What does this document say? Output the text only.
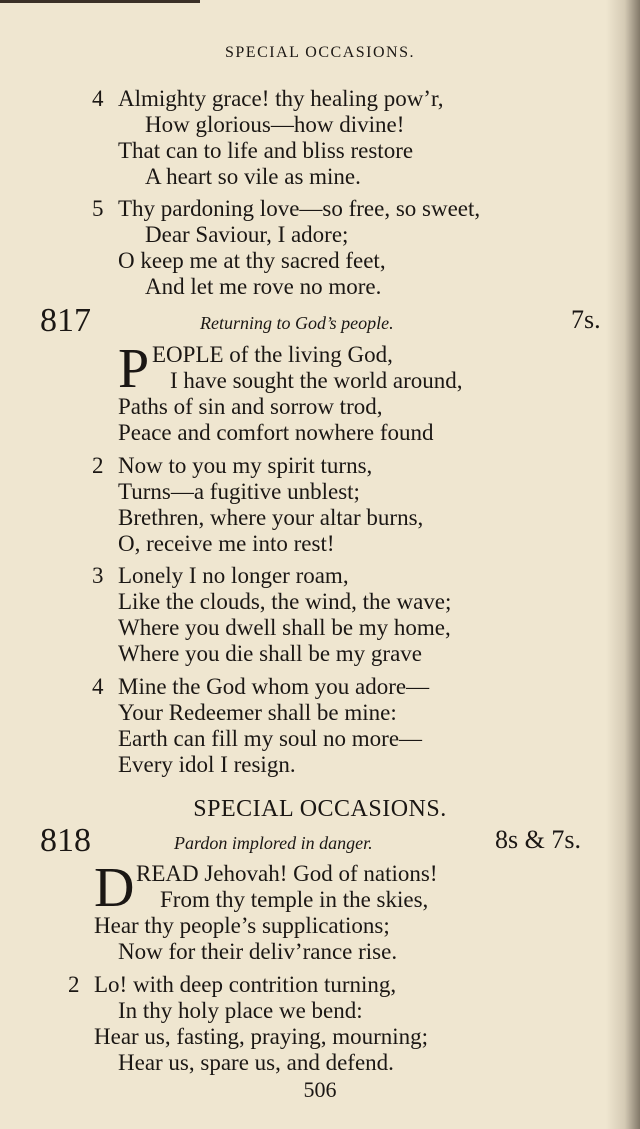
SPECIAL OCCASIONS.
4 Almighty grace! thy healing pow’r,
How glorious—how divine!
That can to life and bliss restore
A heart so vile as mine.
5 Thy pardoning love—so free, so sweet,
Dear Saviour, I adore;
O keep me at thy sacred feet,
And let me rove no more.
817	Returning to God’s people.	7s.
P EOPLE of the living God,
I have sought the world around,
Paths of sin and sorrow trod,
Peace and comfort nowhere found
2 Now to you my spirit turns,
Turns—a fugitive unblest;
Brethren, where your altar burns,
O, receive me into rest!
3 Lonely I no longer roam,
Like the clouds, the wind, the wave;
Where you dwell shall be my home,
Where you die shall be my grave
4 Mine the God whom you adore—
Your Redeemer shall be mine:
Earth can fill my soul no more—
Every idol I resign.
SPECIAL OCCASIONS.
818	Pardon implored in danger.	8s & 7s.
D READ Jehovah! God of nations!
From thy temple in the skies,
Hear thy people’s supplications;
Now for their deliv’rance rise.
2 Lo! with deep contrition turning,
In thy holy place we bend:
Hear us, fasting, praying, mourning;
Hear us, spare us, and defend.
506
